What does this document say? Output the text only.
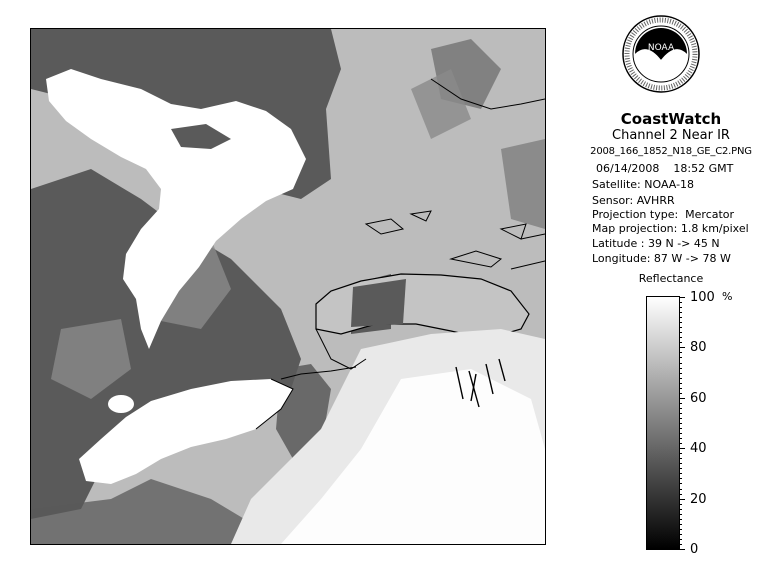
NOAA
CoastWatch
Channel 2 Near IR
2008_166_1852_N18_GE_C2.PNG
06/14/2008    18:52 GMT
Satellite: NOAA-18
Sensor: AVHRR
Projection type:  Mercator
Map projection: 1.8 km/pixel
Latitude : 39 N -> 45 N
Longitude: 87 W -> 78 W
Reflectance
%
100
80
60
40
20
0
